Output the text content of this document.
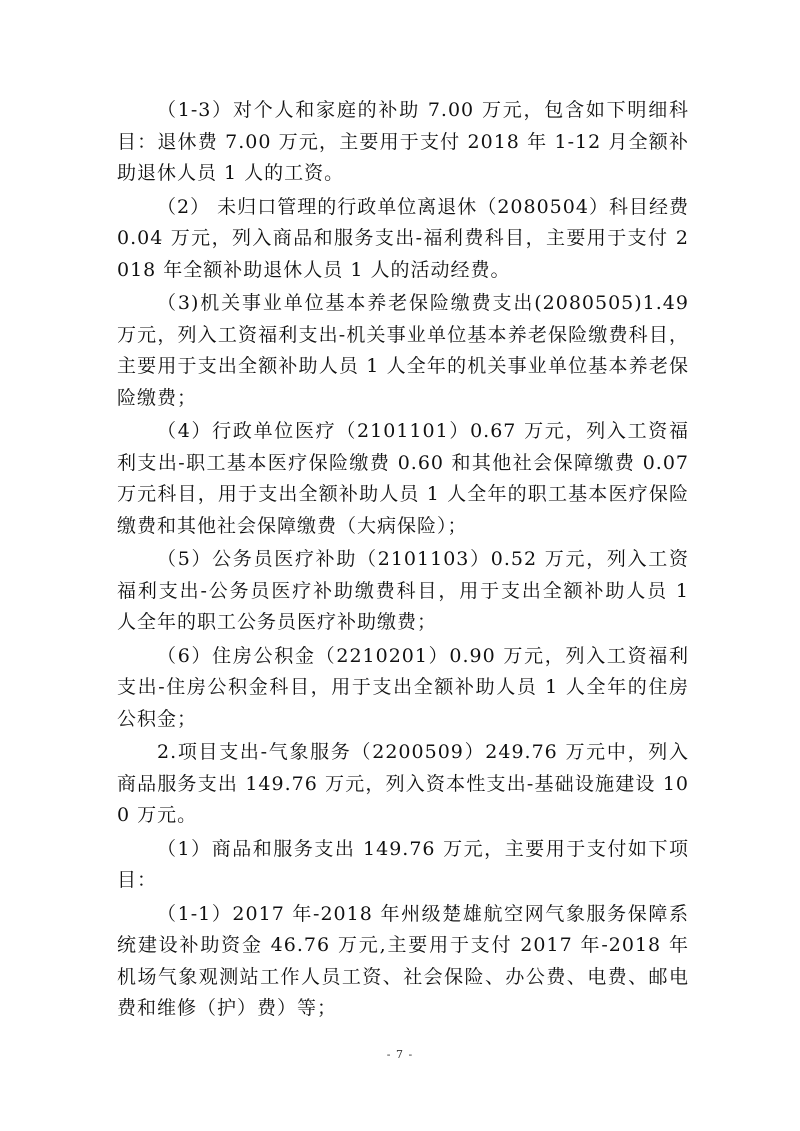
（1-3）对个人和家庭的补助 7.00 万元，包含如下明细科目：退休费 7.00 万元，主要用于支付 2018 年 1-12 月全额补助退休人员 1 人的工资。

（2） 未归口管理的行政单位离退休（2080504）科目经费 0.04 万元，列入商品和服务支出-福利费科目，主要用于支付 2018 年全额补助退休人员 1 人的活动经费。

（3)机关事业单位基本养老保险缴费支出(2080505)1.49 万元，列入工资福利支出-机关事业单位基本养老保险缴费科目，主要用于支出全额补助人员 1 人全年的机关事业单位基本养老保险缴费；

（4）行政单位医疗（2101101）0.67 万元，列入工资福利支出-职工基本医疗保险缴费 0.60 和其他社会保障缴费 0.07 万元科目，用于支出全额补助人员 1 人全年的职工基本医疗保险缴费和其他社会保障缴费（大病保险）；

（5）公务员医疗补助（2101103）0.52 万元，列入工资福利支出-公务员医疗补助缴费科目，用于支出全额补助人员 1 人全年的职工公务员医疗补助缴费；

（6）住房公积金（2210201）0.90 万元，列入工资福利支出-住房公积金科目，用于支出全额补助人员 1 人全年的住房公积金；

2.项目支出-气象服务（2200509）249.76 万元中，列入商品服务支出 149.76 万元，列入资本性支出-基础设施建设 100 万元。

（1）商品和服务支出 149.76 万元，主要用于支付如下项目：

（1-1）2017 年-2018 年州级楚雄航空网气象服务保障系统建设补助资金 46.76 万元,主要用于支付 2017 年-2018 年机场气象观测站工作人员工资、社会保险、办公费、电费、邮电费和维修（护）费）等；

- 7 -
